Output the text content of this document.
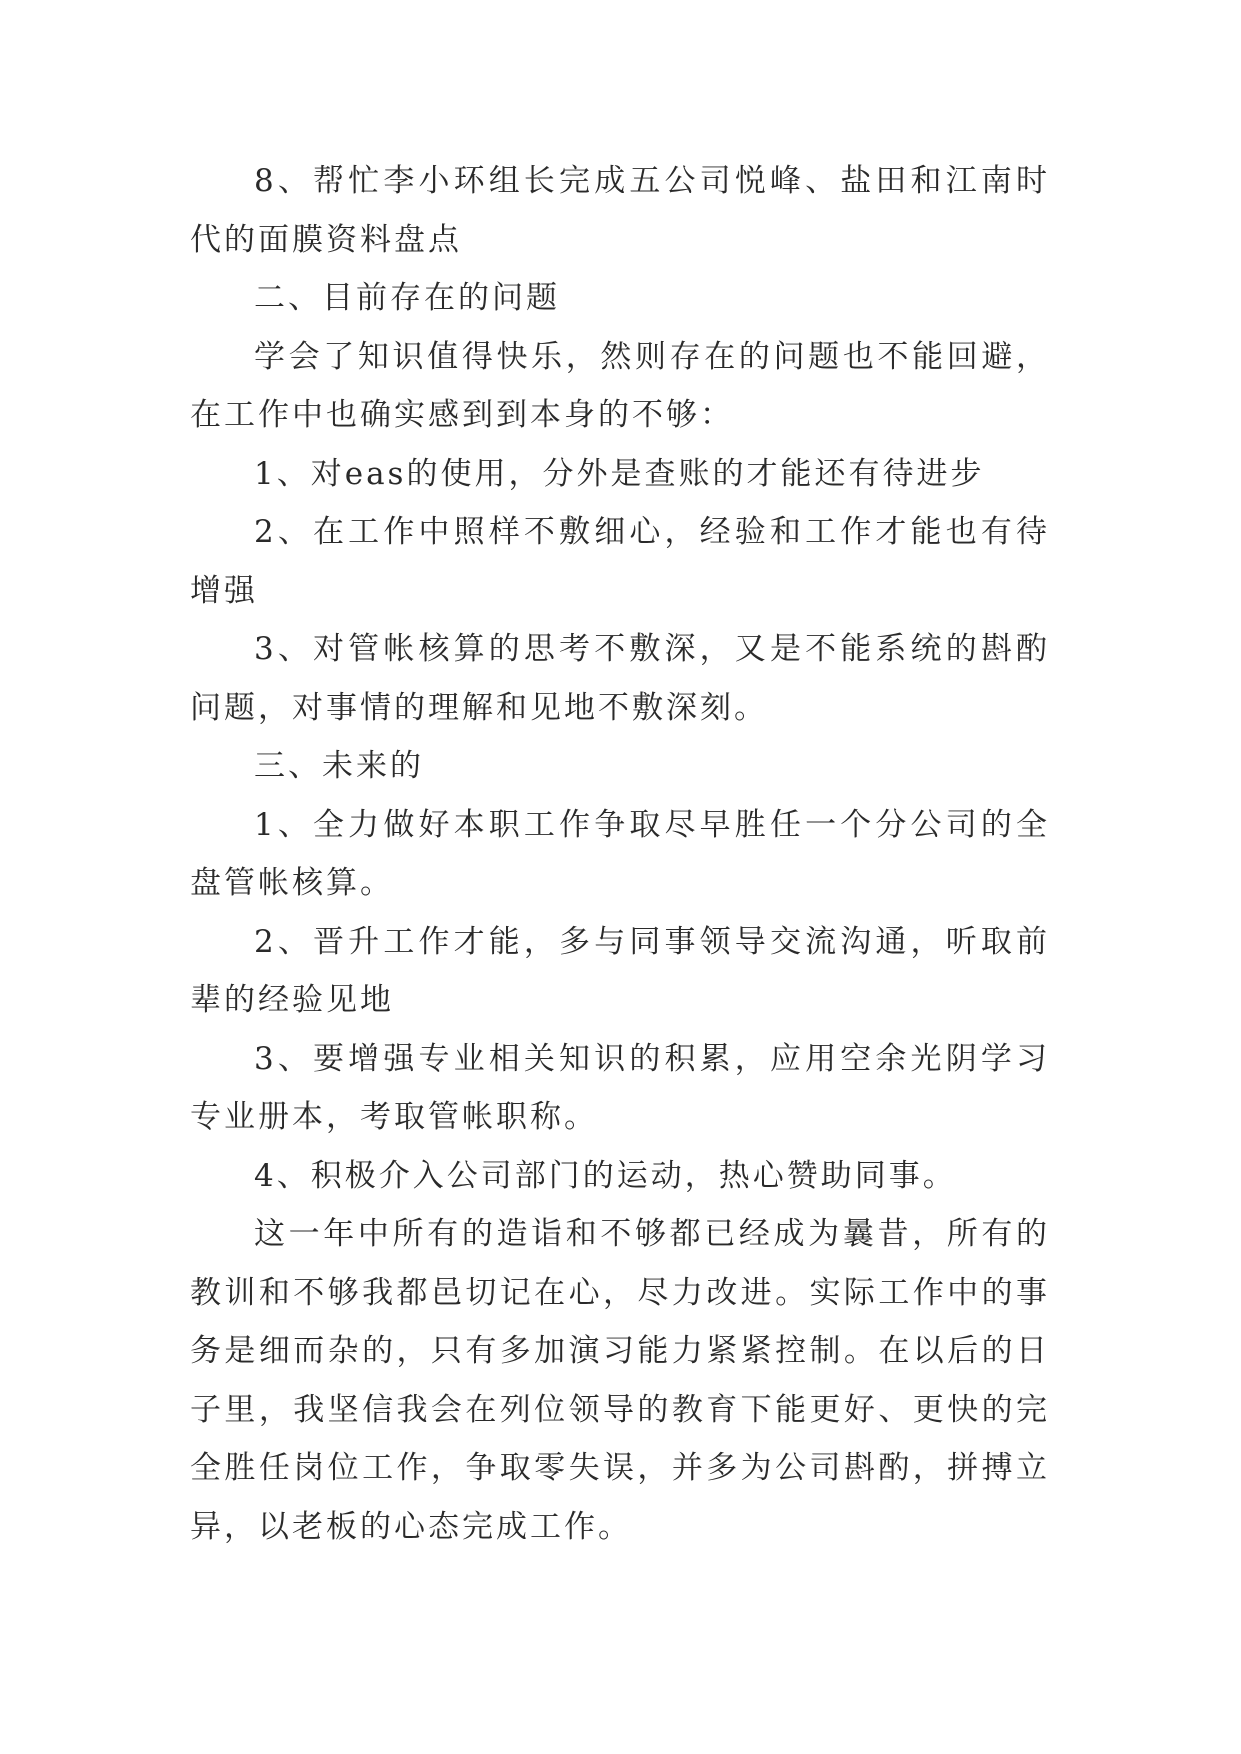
8、帮忙李小环组长完成五公司悦峰、盐田和江南时代的面膜资料盘点

二、目前存在的问题

学会了知识值得快乐，然则存在的问题也不能回避，在工作中也确实感到到本身的不够：

1、对eas的使用，分外是查账的才能还有待进步

2、在工作中照样不敷细心，经验和工作才能也有待增强

3、对管帐核算的思考不敷深，又是不能系统的斟酌问题，对事情的理解和见地不敷深刻。

三、未来的

1、全力做好本职工作争取尽早胜任一个分公司的全盘管帐核算。

2、晋升工作才能，多与同事领导交流沟通，听取前辈的经验见地

3、要增强专业相关知识的积累，应用空余光阴学习专业册本，考取管帐职称。

4、积极介入公司部门的运动，热心赞助同事。

这一年中所有的造诣和不够都已经成为曩昔，所有的教训和不够我都邑切记在心，尽力改进。实际工作中的事务是细而杂的，只有多加演习能力紧紧控制。在以后的日子里，我坚信我会在列位领导的教育下能更好、更快的完全胜任岗位工作，争取零失误，并多为公司斟酌，拼搏立异，以老板的心态完成工作。
